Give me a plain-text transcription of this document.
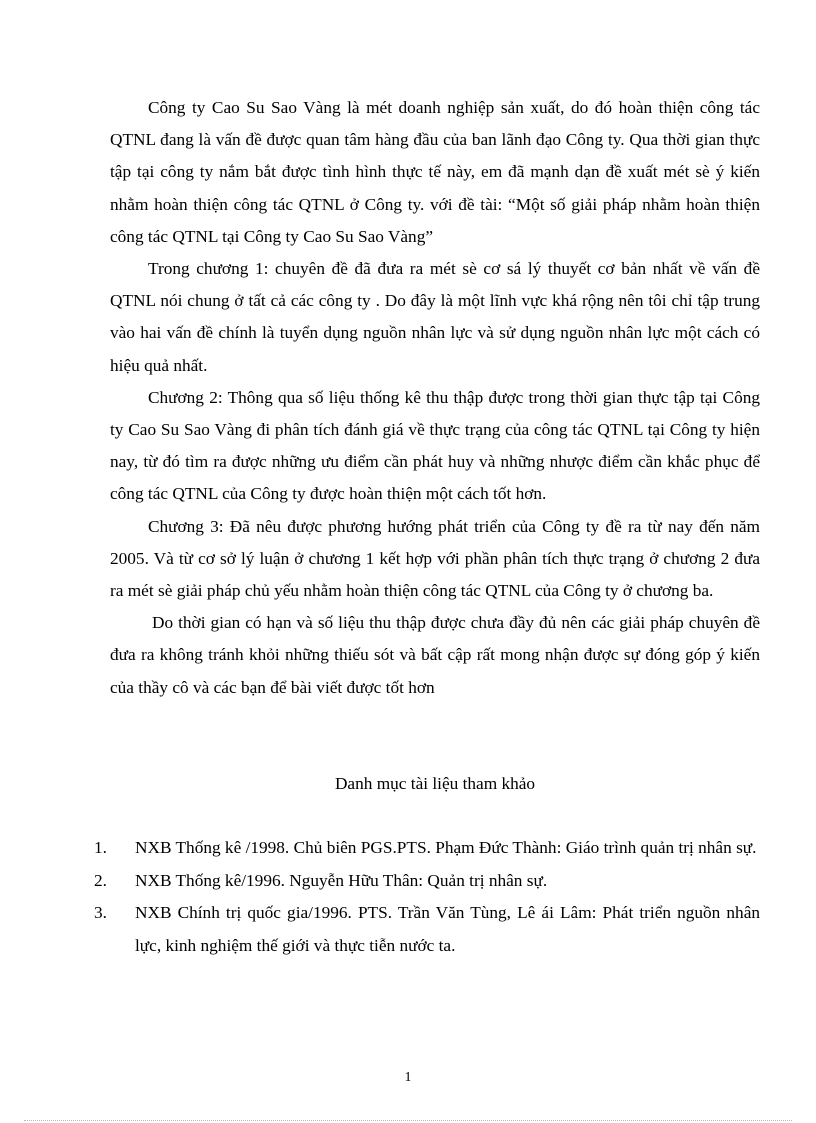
Công ty Cao Su Sao Vàng là mét doanh nghiệp sản xuất, do đó hoàn thiện công tác QTNL đang là vấn đề được quan tâm hàng đầu của ban lãnh đạo Công ty. Qua thời gian thực tập tại công ty nắm bắt được tình hình thực tế này, em đã mạnh dạn đề xuất mét sè ý kiến nhằm hoàn thiện công tác QTNL ở Công ty. với đề tài: “Một số giải pháp nhằm hoàn thiện công tác QTNL tại Công ty Cao Su Sao Vàng”

Trong chương 1: chuyên đề đã đưa ra mét sè cơ sá lý thuyết cơ bản nhất về vấn đề QTNL nói chung ở tất cả các công ty . Do đây là một lĩnh vực khá rộng nên tôi chỉ tập trung vào hai vấn đề chính là tuyển dụng nguồn nhân lực và sử dụng nguồn nhân lực một cách có hiệu quả nhất.

Chương 2: Thông qua số liệu thống kê thu thập được trong thời gian thực tập tại Công ty Cao Su Sao Vàng đi phân tích đánh giá về thực trạng của công tác QTNL tại Công ty hiện nay, từ đó tìm ra được những ưu điểm cần phát huy và những nhược điểm cần khắc phục để công tác QTNL của Công ty được hoàn thiện một cách tốt hơn.

Chương 3: Đã nêu được phương hướng phát triển của Công ty đề ra từ nay đến năm 2005. Và từ cơ sở lý luận ở chương 1 kết hợp với phần phân tích thực trạng ở chương 2 đưa ra mét sè giải pháp chủ yếu nhằm hoàn thiện công tác QTNL của Công ty ở chương ba.

Do thời gian có hạn và số liệu thu thập được chưa đầy đủ nên các giải pháp chuyên đề đưa ra không tránh khỏi những thiếu sót và bất cập rất mong nhận được sự đóng góp ý kiến của thầy cô và các bạn để bài viết được tốt hơn

Danh mục tài liệu tham khảo

1.	NXB Thống kê /1998. Chủ biên PGS.PTS. Phạm Đức Thành: Giáo trình quản trị nhân sự.
2.	NXB Thống kê/1996. Nguyễn Hữu Thân: Quản trị nhân sự.
3.	NXB Chính trị quốc gia/1996. PTS. Trần Văn Tùng, Lê ái Lâm: Phát triển nguồn nhân lực, kinh nghiệm thế giới và thực tiễn nước ta.
1
